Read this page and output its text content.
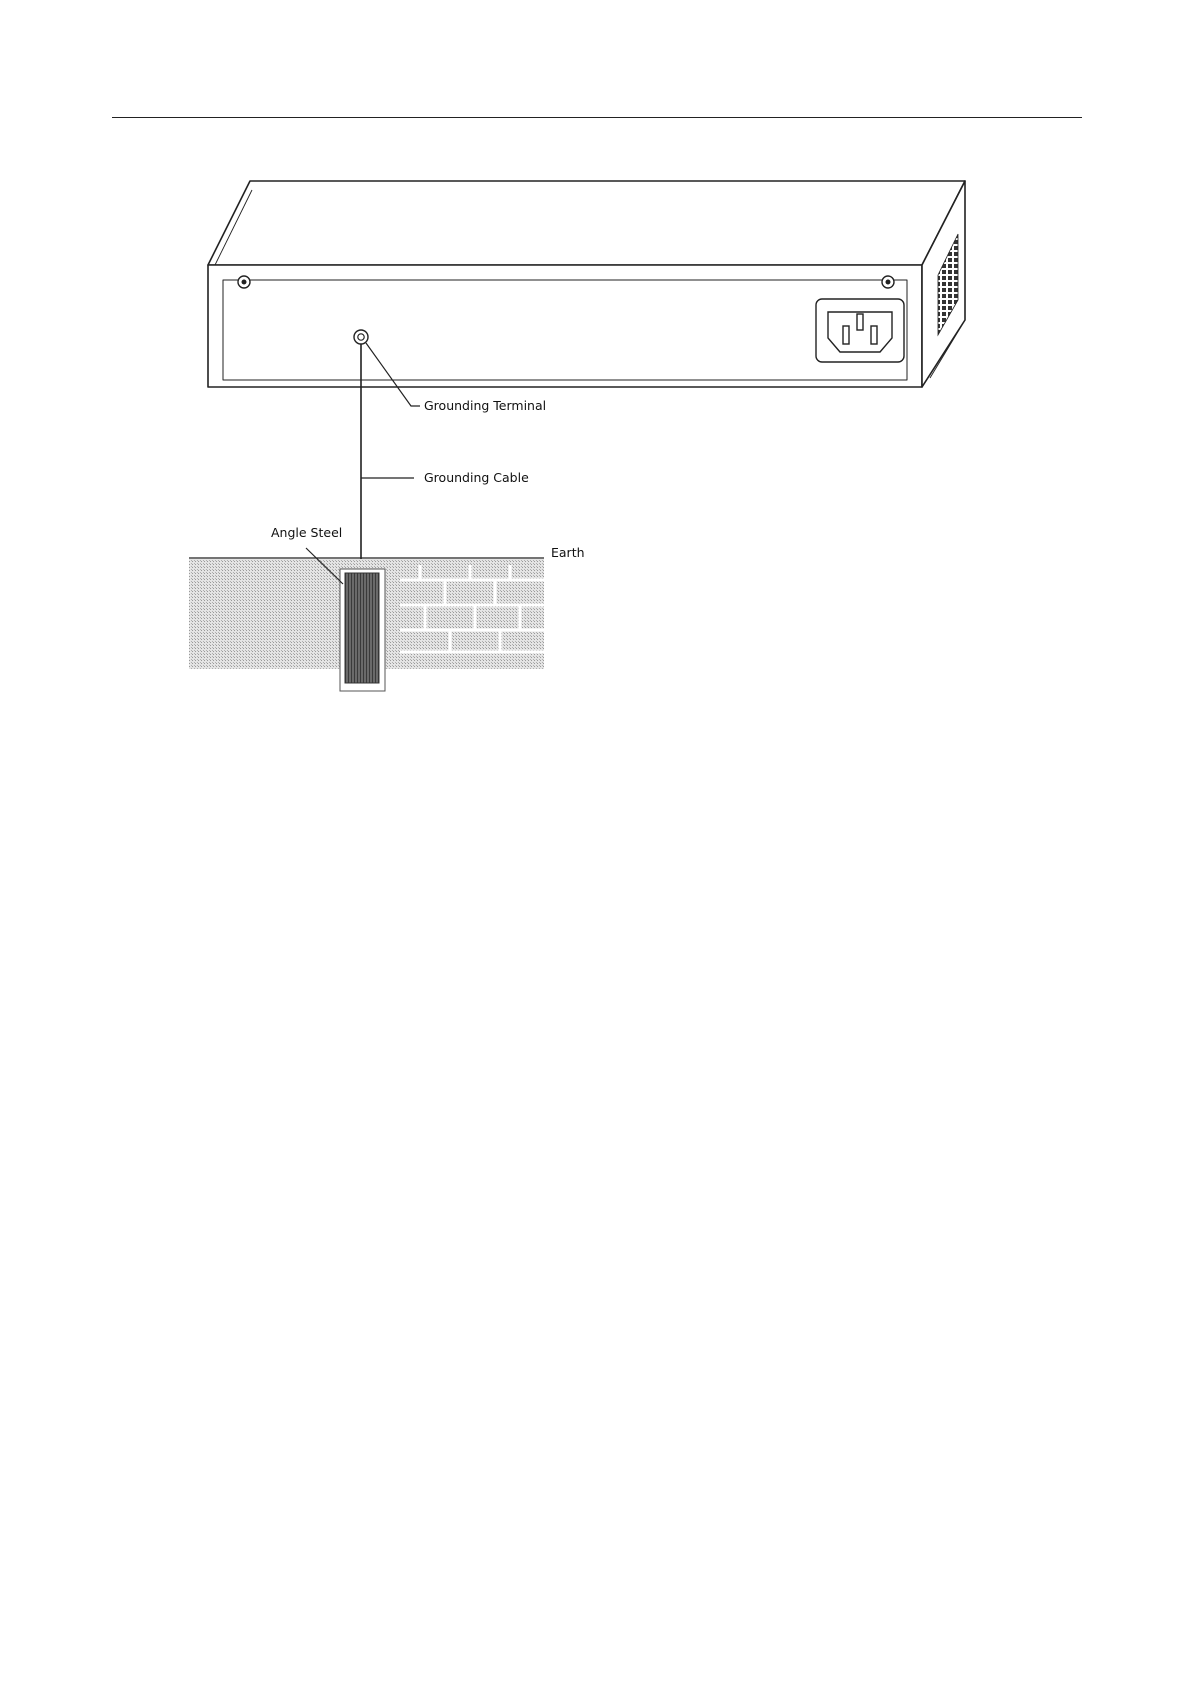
Grounding Terminal
Grounding Cable
Angle Steel
Earth
